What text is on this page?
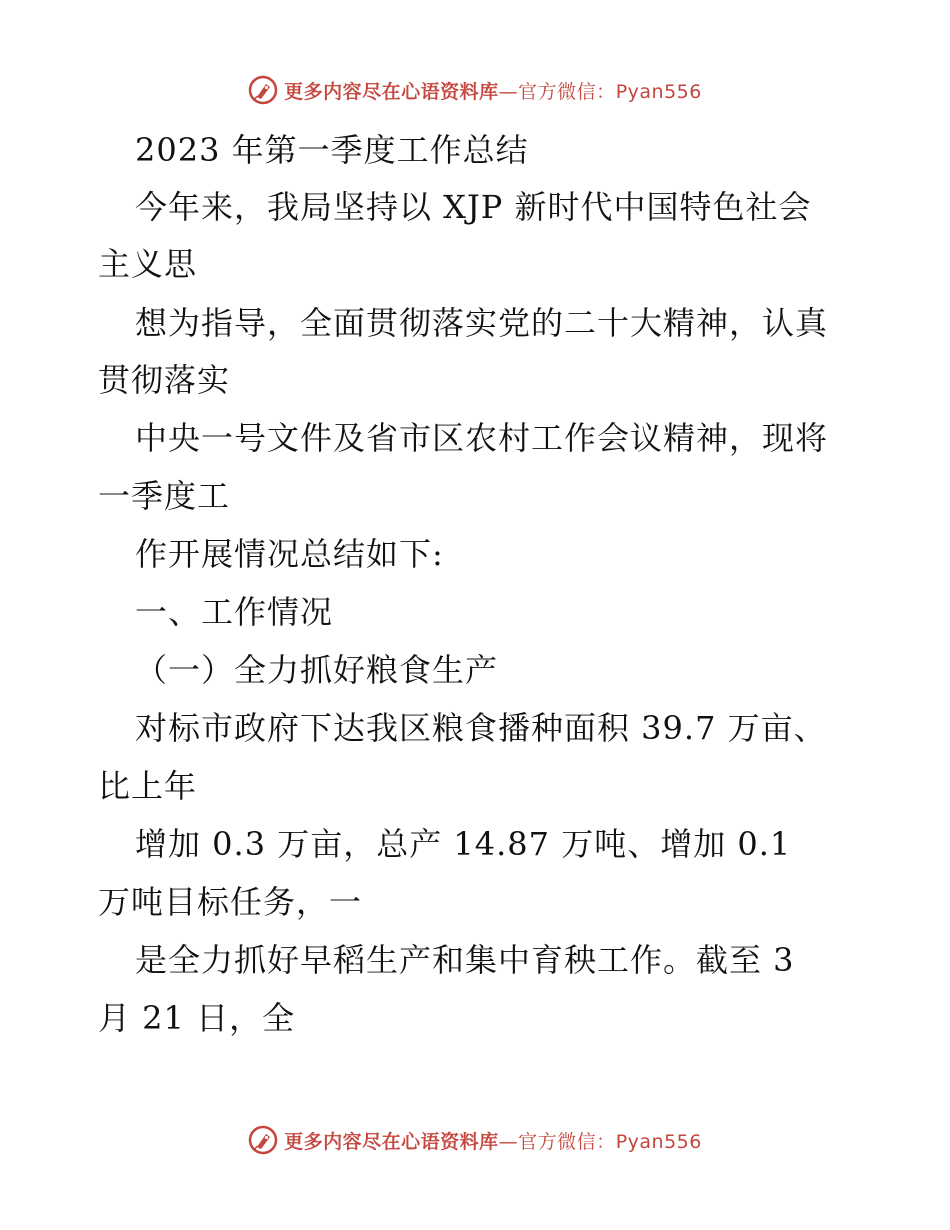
更多内容尽在心语资料库—官方微信：Pyan556
2023 年第一季度工作总结
今年来，我局坚持以 XJP 新时代中国特色社会
主义思
想为指导，全面贯彻落实党的二十大精神，认真
贯彻落实
中央一号文件及省市区农村工作会议精神，现将
一季度工
作开展情况总结如下:
一、工作情况
（一）全力抓好粮食生产
对标市政府下达我区粮食播种面积 39.7 万亩、
比上年
增加 0.3 万亩，总产 14.87 万吨、增加 0.1
万吨目标任务，一
是全力抓好早稻生产和集中育秧工作。截至 3
月 21 日，全
更多内容尽在心语资料库—官方微信：Pyan556
